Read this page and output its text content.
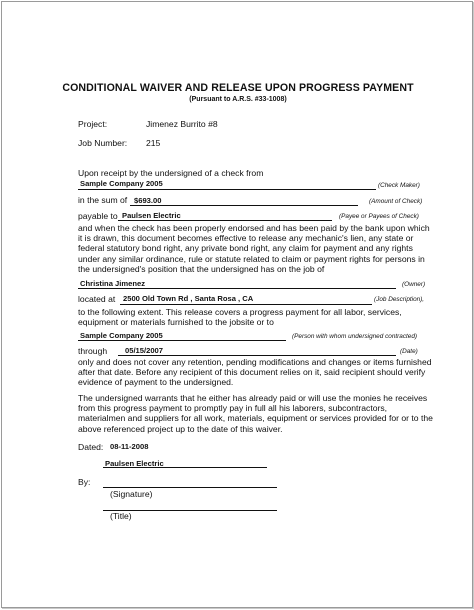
CONDITIONAL WAIVER AND RELEASE UPON PROGRESS PAYMENT
(Pursuant to A.R.S. #33-1008)
Project:	Jimenez Burrito #8
Job Number: 215
Upon receipt by the undersigned of a check from
Sample Company 2005	(Check Maker)
in the sum of $693.00	(Amount of Check)
payable to Paulsen Electric	(Payee or Payees of Check)
and when the check has been properly endorsed and has been paid by the bank upon which it is drawn, this document becomes effective to release any mechanic's lien, any state or federal statutory bond right, any private bond right, any claim for payment and any rights under any similar ordinance, rule or statute related to claim or payment rights for persons in the undersigned's position that the undersigned has on the job of
Christina Jimenez	(Owner)
located at 2500 Old Town Rd , Santa Rosa , CA	(Job Description),
to the following extent. This release covers a progress payment for all labor, services, equipment or materials furnished to the jobsite or to
Sample Company 2005	(Person with whom undersigned contracted)
through 05/15/2007	(Date)
only and does not cover any retention, pending modifications and changes or items furnished after that date. Before any recipient of this document relies on it, said recipient should verify evidence of payment to the undersigned.
The undersigned warrants that he either has already paid or will use the monies he receives from this progress payment to promptly pay in full all his laborers, subcontractors, materialmen and suppliers for all work, materials, equipment or services provided for or to the above referenced project up to the date of this waiver.
Dated: 08-11-2008
Paulsen Electric
By:
(Signature)
(Title)
